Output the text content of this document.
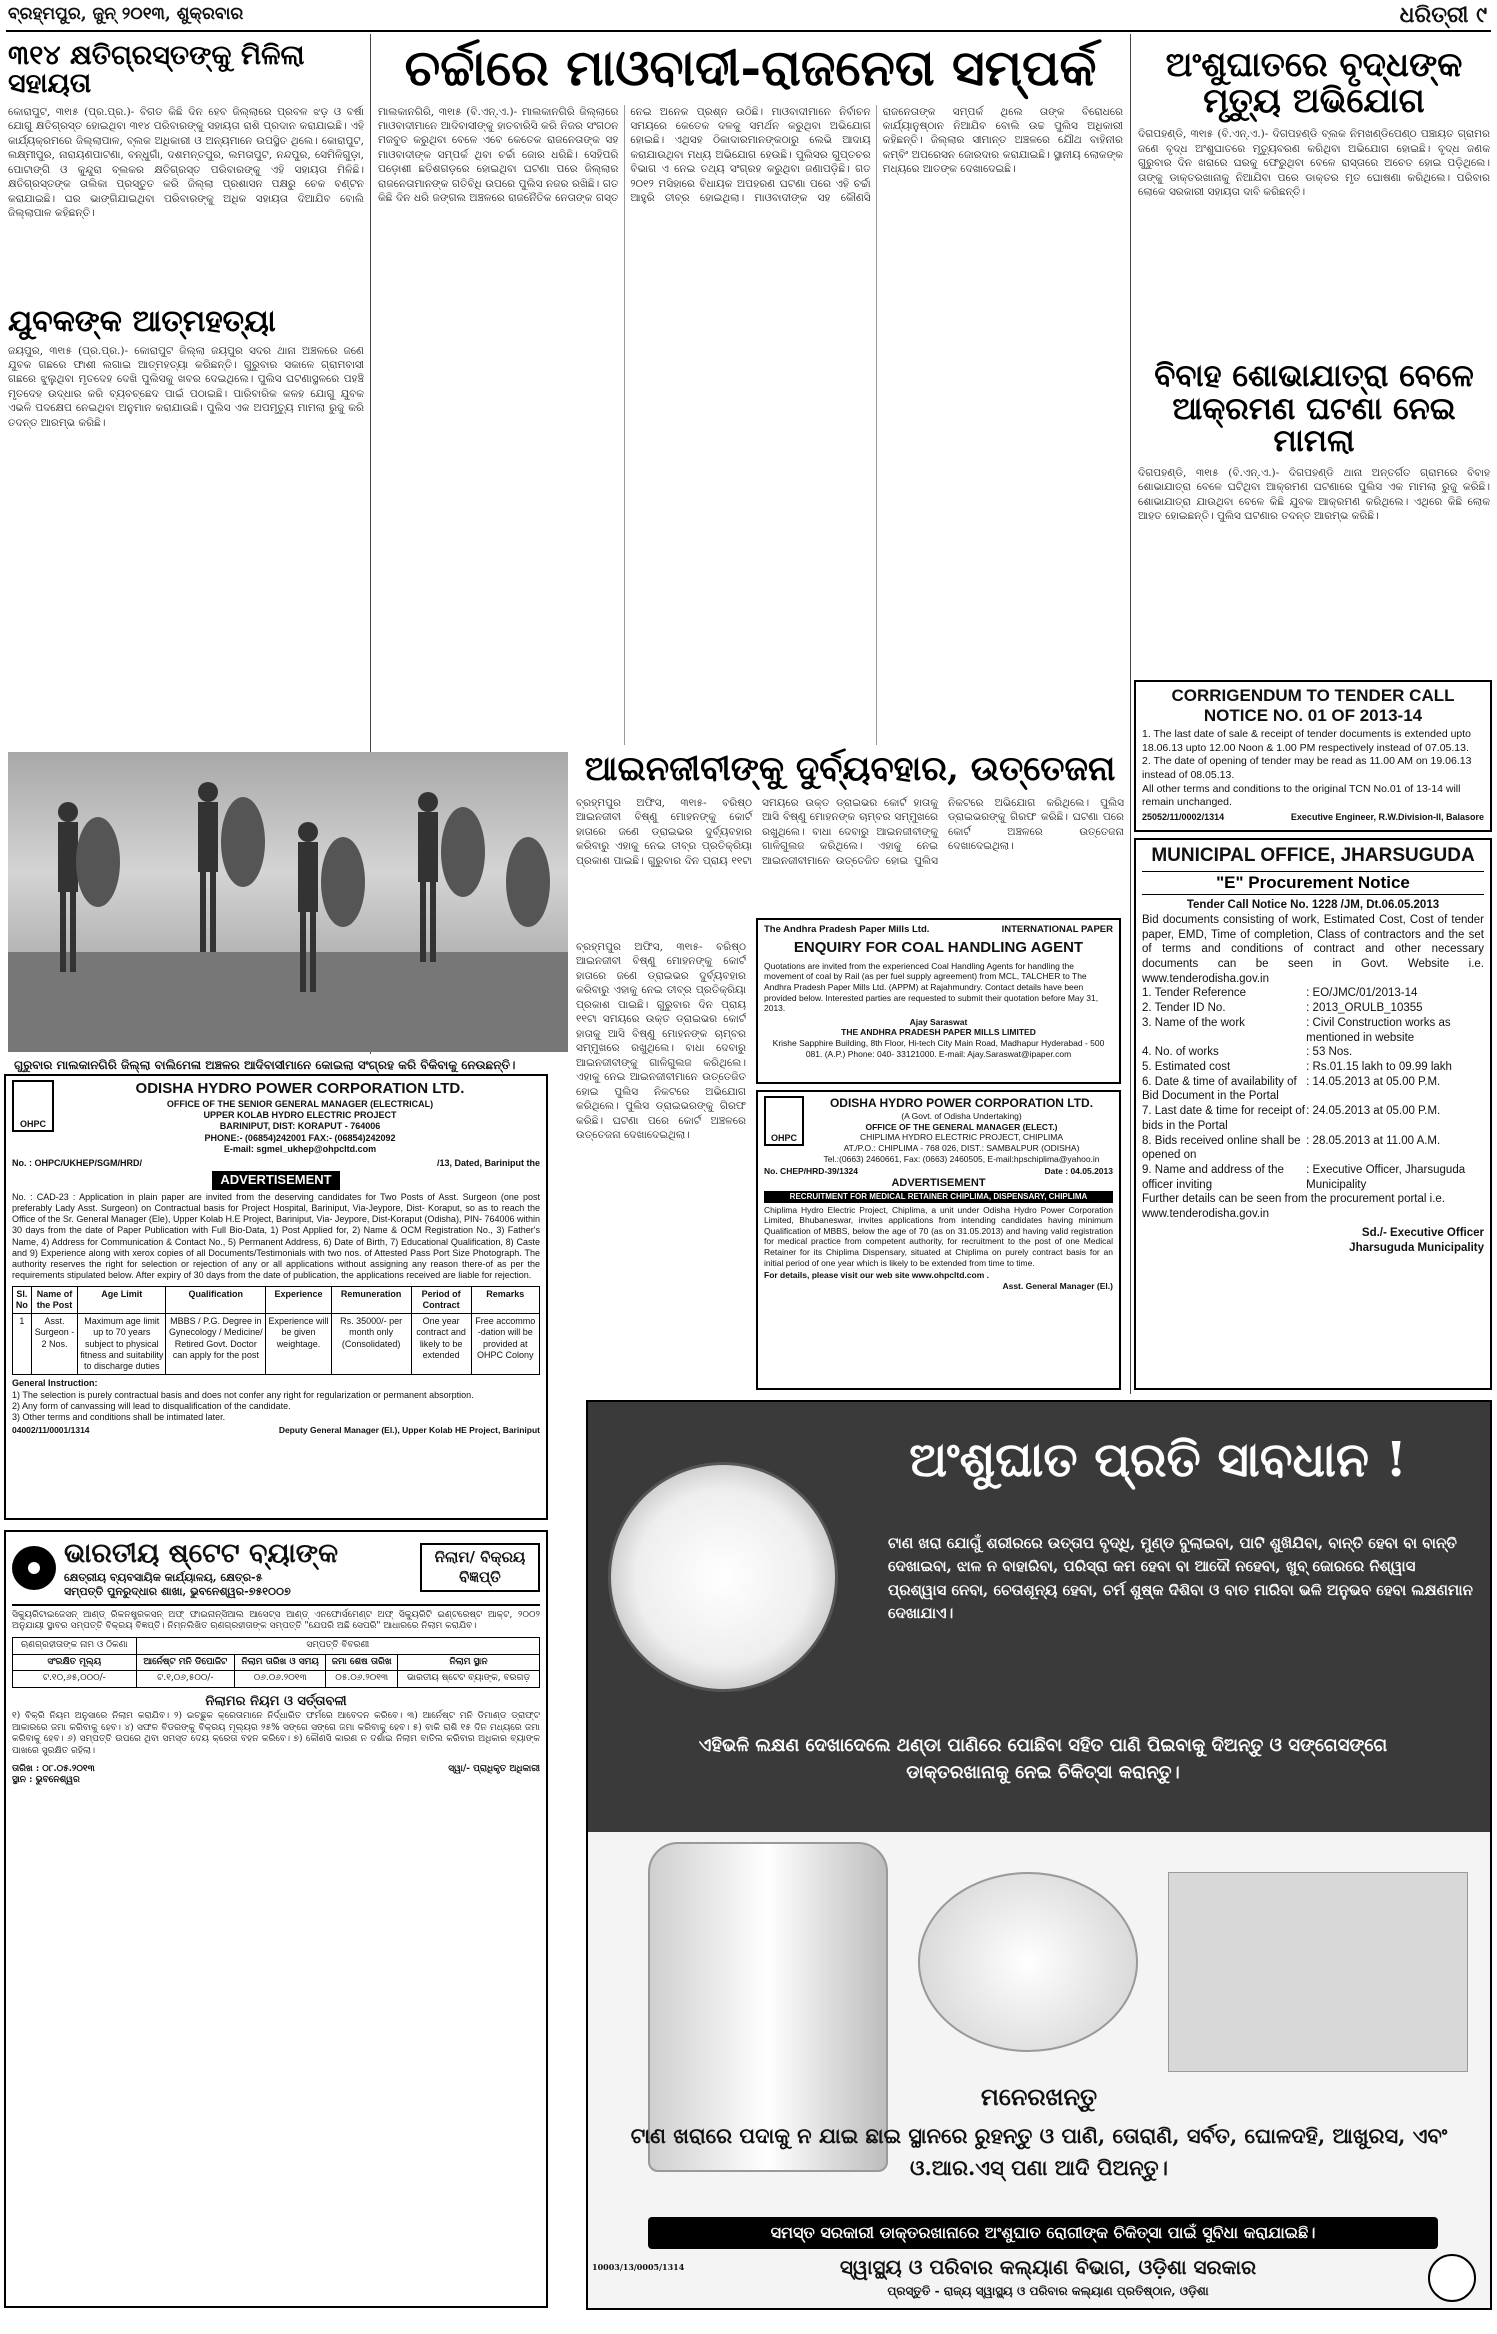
ବ୍ରହ୍ମପୁର, ଜୁନ୍ ୨୦୧୩, ଶୁକ୍ରବାର	ଧରିତ୍ରୀ ୯
୩୧୪ କ୍ଷତିଗ୍ରସ୍ତଙ୍କୁ ମିଳିଲା ସହାୟତା
କୋରାପୁଟ, ୩୧ା୫ (ପ୍ର.ପ୍ର.)- ବିଗତ କିଛି ଦିନ ହେବ ଜିଲ୍ଲାରେ ପ୍ରବଳ ଝଡ଼ ଓ ବର୍ଷା ଯୋଗୁ କ୍ଷତିଗ୍ରସ୍ତ ହୋଇଥିବା ୩୧୪ ପରିବାରଙ୍କୁ ସହାୟତା ରାଶି ପ୍ରଦାନ କରାଯାଇଛି। ଏହି କାର୍ଯ୍ୟକ୍ରମରେ ଜିଲ୍ଲାପାଳ, ବ୍ଲକ ଅଧିକାରୀ ଓ ଅନ୍ୟମାନେ ଉପସ୍ଥିତ ଥିଲେ। କୋରାପୁଟ, ଲକ୍ଷ୍ମୀପୁର, ନାରାୟଣପାଟଣା, ବନ୍ଧୁଗାଁ, ଦଶମନ୍ତପୁର, ଲମତାପୁଟ, ନନ୍ଦପୁର, ସେମିଳିଗୁଡ଼ା, ପୋଟାଙ୍ଗି ଓ କୁନ୍ଦୁରା ବ୍ଲକର କ୍ଷତିଗ୍ରସ୍ତ ପରିବାରଙ୍କୁ ଏହି ସହାୟତା ମିଳିଛି। କ୍ଷତିଗ୍ରସ୍ତଙ୍କ ତାଲିକା ପ୍ରସ୍ତୁତ କରି ଜିଲ୍ଲା ପ୍ରଶାସନ ପକ୍ଷରୁ ଚେକ ବଣ୍ଟନ କରାଯାଇଛି। ଘର ଭାଙ୍ଗିଯାଇଥିବା ପରିବାରଙ୍କୁ ଅଧିକ ସହାୟତା ଦିଆଯିବ ବୋଲି ଜିଲ୍ଲାପାଳ କହିଛନ୍ତି।
ଯୁବକଙ୍କ ଆତ୍ମହତ୍ୟା
ଜୟପୁର, ୩୧ା୫ (ପ୍ର.ପ୍ର.)- କୋରାପୁଟ ଜିଲ୍ଲା ଜୟପୁର ସଦର ଥାନା ଅଞ୍ଚଳରେ ଜଣେ ଯୁବକ ଗଛରେ ଫାଶୀ ଲଗାଇ ଆତ୍ମହତ୍ୟା କରିଛନ୍ତି। ଗୁରୁବାର ସକାଳେ ଗ୍ରାମବାସୀ ଗଛରେ ଝୁଲୁଥିବା ମୃତଦେହ ଦେଖି ପୁଲିସକୁ ଖବର ଦେଇଥିଲେ। ପୁଲିସ ଘଟଣାସ୍ଥଳରେ ପହଞ୍ଚି ମୃତଦେହ ଉଦ୍ଧାର କରି ବ୍ୟବଚ୍ଛେଦ ପାଇଁ ପଠାଇଛି। ପାରିବାରିକ କଳହ ଯୋଗୁ ଯୁବକ ଏଭଳି ପଦକ୍ଷେପ ନେଇଥିବା ଅନୁମାନ କରାଯାଉଛି। ପୁଲିସ ଏକ ଅପମୃତ୍ୟୁ ମାମଲା ରୁଜୁ କରି ତଦନ୍ତ ଆରମ୍ଭ କରିଛି।
ଚର୍ଚ୍ଚାରେ ମାଓବାଦୀ-ରାଜନେତା ସମ୍ପର୍କ
ମାଲକାନଗିରି, ୩୧ା୫ (ବି.ଏନ୍.ଏ.)- ମାଲକାନଗିରି ଜିଲ୍ଲାରେ ମାଓବାଦୀମାନେ ଆଦିବାସୀଙ୍କୁ ହାତବାରିସି କରି ନିଜର ସଂଗଠନ ମଜବୁତ କରୁଥିବା ବେଳେ ଏବେ କେତେକ ରାଜନେତାଙ୍କ ସହ ମାଓବାଦୀଙ୍କ ସମ୍ପର୍କ ଥିବା ଚର୍ଚ୍ଚା ଜୋର ଧରିଛି। ସେହିପରି ପଡ଼ୋଶୀ ଛତିଶଗଡ଼ରେ ହୋଇଥିବା ଘଟଣା ପରେ ଜିଲ୍ଲାର ରାଜନେତାମାନଙ୍କ ଗତିବିଧି ଉପରେ ପୁଲିସ ନଜର ରଖିଛି। ଗତ କିଛି ଦିନ ଧରି ଜଙ୍ଗଲ ଅଞ୍ଚଳରେ ରାଜନୈତିକ ନେତାଙ୍କ ଗସ୍ତ ନେଇ ଅନେକ ପ୍ରଶ୍ନ ଉଠିଛି। ମାଓବାଦୀମାନେ ନିର୍ବାଚନ ସମୟରେ କେତେକ ଦଳକୁ ସମର୍ଥନ କରୁଥିବା ଅଭିଯୋଗ ହୋଇଛି। ଏଥିସହ ଠିକାଦାରମାନଙ୍କଠାରୁ ଲେଭି ଆଦାୟ କରାଯାଉଥିବା ମଧ୍ୟ ଅଭିଯୋଗ ହେଉଛି। ପୁଲିସର ଗୁପ୍ତଚର ବିଭାଗ ଏ ନେଇ ତଥ୍ୟ ସଂଗ୍ରହ କରୁଥିବା ଜଣାପଡ଼ିଛି। ଗତ ୨୦୧୨ ମସିହାରେ ବିଧାୟକ ଅପହରଣ ଘଟଣା ପରେ ଏହି ଚର୍ଚ୍ଚା ଆହୁରି ତୀବ୍ର ହୋଇଥିଲା। ମାଓବାଦୀଙ୍କ ସହ କୌଣସି ରାଜନେତାଙ୍କ ସମ୍ପର୍କ ଥିଲେ ତାଙ୍କ ବିରୋଧରେ କାର୍ଯ୍ୟାନୁଷ୍ଠାନ ନିଆଯିବ ବୋଲି ଉଚ୍ଚ ପୁଲିସ ଅଧିକାରୀ କହିଛନ୍ତି। ଜିଲ୍ଲାର ସୀମାନ୍ତ ଅଞ୍ଚଳରେ ଯୌଥ ବାହିନୀର କମ୍ବିଂ ଅପରେସନ ଜୋରଦାର କରାଯାଇଛି। ସ୍ଥାନୀୟ ଲୋକଙ୍କ ମଧ୍ୟରେ ଆତଙ୍କ ଦେଖାଦେଇଛି।
ଅଂଶୁଘାତରେ ବୃଦ୍ଧଙ୍କ ମୃତ୍ୟୁ ଅଭିଯୋଗ
ଦିଗପହଣ୍ଡି, ୩୧ା୫ (ବି.ଏନ୍.ଏ.)- ଦିଗପହଣ୍ଡି ବ୍ଲକ ନିମଖଣ୍ଡିପେଣ୍ଠ ପଞ୍ଚାୟତ ଗ୍ରାମର ଜଣେ ବୃଦ୍ଧ ଅଂଶୁଘାତରେ ମୃତ୍ୟୁବରଣ କରିଥିବା ଅଭିଯୋଗ ହୋଇଛି। ବୃଦ୍ଧ ଜଣକ ଗୁରୁବାର ଦିନ ଖରାରେ ଘରକୁ ଫେରୁଥିବା ବେଳେ ରାସ୍ତାରେ ଅଚେତ ହୋଇ ପଡ଼ିଥିଲେ। ତାଙ୍କୁ ଡାକ୍ତରଖାନାକୁ ନିଆଯିବା ପରେ ଡାକ୍ତର ମୃତ ଘୋଷଣା କରିଥିଲେ। ପରିବାର ଲୋକେ ସରକାରୀ ସହାୟତା ଦାବି କରିଛନ୍ତି।
ବିବାହ ଶୋଭାଯାତ୍ରା ବେଳେ ଆକ୍ରମଣ ଘଟଣା ନେଇ ମାମଲା
ଦିଗପହଣ୍ଡି, ୩୧ା୫ (ବି.ଏନ୍.ଏ.)- ଦିଗପହଣ୍ଡି ଥାନା ଅନ୍ତର୍ଗତ ଗ୍ରାମରେ ବିବାହ ଶୋଭାଯାତ୍ରା ବେଳେ ଘଟିଥିବା ଆକ୍ରମଣ ଘଟଣାରେ ପୁଲିସ ଏକ ମାମଲା ରୁଜୁ କରିଛି। ଶୋଭାଯାତ୍ରା ଯାଉଥିବା ବେଳେ କିଛି ଯୁବକ ଆକ୍ରମଣ କରିଥିଲେ। ଏଥିରେ କିଛି ଲୋକ ଆହତ ହୋଇଛନ୍ତି। ପୁଲିସ ଘଟଣାର ତଦନ୍ତ ଆରମ୍ଭ କରିଛି।
CORRIGENDUM TO TENDER CALL NOTICE NO. 01 OF 2013-14
1. The last date of sale & receipt of tender documents is extended upto 18.06.13 upto 12.00 Noon & 1.00 PM respectively instead of 07.05.13.
2. The date of opening of tender may be read as 11.00 AM on 19.06.13 instead of 08.05.13.
All other terms and conditions to the original TCN No.01 of 13-14 will remain unchanged.
25052/11/0002/1314	Executive Engineer, R.W.Division-II, Balasore
ଗୁରୁବାର ମାଲକାନଗିରି ଜିଲ୍ଲା ବାଲିମେଳା ଅଞ୍ଚଳର ଆଦିବାସୀମାନେ କୋଇଲା ସଂଗ୍ରହ କରି ବିକିବାକୁ ନେଉଛନ୍ତି।
ଆଇନଜୀବୀଙ୍କୁ ଦୁର୍ବ୍ୟବହାର, ଉତ୍ତେଜନା
ବ୍ରହ୍ମପୁର ଅଫିସ, ୩୧ା୫- ବରିଷ୍ଠ ଆଇନଜୀବୀ ବିଷ୍ଣୁ ମୋହନଙ୍କୁ କୋର୍ଟ ହାତାରେ ଜଣେ ଡ୍ରାଇଭର ଦୁର୍ବ୍ୟବହାର କରିବାରୁ ଏହାକୁ ନେଇ ତୀବ୍ର ପ୍ରତିକ୍ରିୟା ପ୍ରକାଶ ପାଇଛି। ଗୁରୁବାର ଦିନ ପ୍ରାୟ ୧୧ଟା ସମୟରେ ଉକ୍ତ ଡ୍ରାଇଭର କୋର୍ଟ ହାତାକୁ ଆସି ବିଷ୍ଣୁ ମୋହନଙ୍କ ଚାମ୍ବର ସମ୍ମୁଖରେ ରଖୁଥିଲେ। ବାଧା ଦେବାରୁ ଆଇନଜୀବୀଙ୍କୁ ଗାଳିଗୁଲଜ କରିଥିଲେ। ଏହାକୁ ନେଇ ଆଇନଜୀବୀମାନେ ଉତ୍ତେଜିତ ହୋଇ ପୁଲିସ ନିକଟରେ ଅଭିଯୋଗ କରିଥିଲେ। ପୁଲିସ ଡ୍ରାଇଭରଙ୍କୁ ଗିରଫ କରିଛି। ଘଟଣା ପରେ କୋର୍ଟ ଅଞ୍ଚଳରେ ଉତ୍ତେଜନା ଦେଖାଦେଇଥିଲା।
ବ୍ରହ୍ମପୁର ଅଫିସ, ୩୧ା୫- ବରିଷ୍ଠ ଆଇନଜୀବୀ ବିଷ୍ଣୁ ମୋହନଙ୍କୁ କୋର୍ଟ ହାତାରେ ଜଣେ ଡ୍ରାଇଭର ଦୁର୍ବ୍ୟବହାର କରିବାରୁ ଏହାକୁ ନେଇ ତୀବ୍ର ପ୍ରତିକ୍ରିୟା ପ୍ରକାଶ ପାଇଛି। ଗୁରୁବାର ଦିନ ପ୍ରାୟ ୧୧ଟା ସମୟରେ ଉକ୍ତ ଡ୍ରାଇଭର କୋର୍ଟ ହାତାକୁ ଆସି ବିଷ୍ଣୁ ମୋହନଙ୍କ ଚାମ୍ବର ସମ୍ମୁଖରେ ରଖୁଥିଲେ। ବାଧା ଦେବାରୁ ଆଇନଜୀବୀଙ୍କୁ ଗାଳିଗୁଲଜ କରିଥିଲେ। ଏହାକୁ ନେଇ ଆଇନଜୀବୀମାନେ ଉତ୍ତେଜିତ ହୋଇ ପୁଲିସ ନିକଟରେ ଅଭିଯୋଗ କରିଥିଲେ। ପୁଲିସ ଡ୍ରାଇଭରଙ୍କୁ ଗିରଫ କରିଛି। ଘଟଣା ପରେ କୋର୍ଟ ଅଞ୍ଚଳରେ ଉତ୍ତେଜନା ଦେଖାଦେଇଥିଲା।
The Andhra Pradesh Paper Mills Ltd.	INTERNATIONAL PAPER
ENQUIRY FOR COAL HANDLING AGENT
Quotations are invited from the experienced Coal Handling Agents for handling the movement of coal by Rail (as per fuel supply agreement) from MCL, TALCHER to The Andhra Pradesh Paper Mills Ltd. (APPM) at Rajahmundry. Contact details have been provided below. Interested parties are requested to submit their quotation before May 31, 2013.
Ajay Saraswat
THE ANDHRA PRADESH PAPER MILLS LIMITED
Krishe Sapphire Building, 8th Floor, Hi-tech City Main Road, Madhapur Hyderabad - 500 081. (A.P.) Phone: 040- 33121000. E-mail: Ajay.Saraswat@ipaper.com
OHPC
ODISHA HYDRO POWER CORPORATION LTD.
(A Govt. of Odisha Undertaking)
OFFICE OF THE GENERAL MANAGER (ELECT.)
CHIPLIMA HYDRO ELECTRIC PROJECT, CHIPLIMA
AT./P.O.: CHIPLIMA - 768 026, DIST.: SAMBALPUR (ODISHA)
Tel.:(0663) 2460661, Fax: (0663) 2460505, E-mail:hpschiplima@yahoo.in
No. CHEP/HRD-39/1324	Date : 04.05.2013
ADVERTISEMENT
RECRUITMENT FOR MEDICAL RETAINER CHIPLIMA, DISPENSARY, CHIPLIMA
Chiplima Hydro Electric Project, Chiplima, a unit under Odisha Hydro Power Corporation Limited, Bhubaneswar, invites applications from intending candidates having minimum Qualification of MBBS, below the age of 70 (as on 31.05.2013) and having valid registration for medical practice from competent authority, for recruitment to the post of one Medical Retainer for its Chiplima Dispensary, situated at Chiplima on purely contract basis for an initial period of one year which is likely to be extended from time to time.
For details, please visit our web site www.ohpcltd.com .
Asst. General Manager (El.)
MUNICIPAL OFFICE, JHARSUGUDA
"E" Procurement Notice
Tender Call Notice No. 1228 /JM, Dt.06.05.2013
Bid documents consisting of work, Estimated Cost, Cost of tender paper, EMD, Time of completion, Class of contractors and the set of terms and conditions of contract and other necessary documents can be seen in Govt. Website i.e. www.tenderodisha.gov.in
1. Tender Reference	: EO/JMC/01/2013-14
2. Tender ID No.	: 2013_ORULB_10355
3. Name of the work	: Civil Construction works as mentioned in website
4. No. of works	: 53 Nos.
5. Estimated cost	: Rs.01.15 lakh to 09.99 lakh
6. Date & time of availability of Bid Document in the Portal
: 14.05.2013 at 05.00 P.M.
7. Last date & time for receipt of bids in the Portal
: 24.05.2013 at 05.00 P.M.
8. Bids received online shall be opened on
: 28.05.2013 at 11.00 A.M.
9. Name and address of the officer inviting
: Executive Officer, Jharsuguda Municipality
Further details can be seen from the procurement portal i.e. www.tenderodisha.gov.in
Sd./- Executive Officer
Jharsuguda Municipality
OHPC
ODISHA HYDRO POWER CORPORATION LTD.
OFFICE OF THE SENIOR GENERAL MANAGER (ELECTRICAL)
UPPER KOLAB HYDRO ELECTRIC PROJECT
BARINIPUT, DIST: KORAPUT - 764006
PHONE:- (06854)242001 FAX:- (06854)242092
E-mail: sgmel_ukhep@ohpcltd.com
No. : OHPC/UKHEP/SGM/HRD/	/13, Dated, Bariniput the
ADVERTISEMENT
No. : CAD-23 : Application in plain paper are invited from the deserving candidates for Two Posts of Asst. Surgeon (one post preferably Lady Asst. Surgeon) on Contractual basis for Project Hospital, Bariniput, Via-Jeypore, Dist- Koraput, so as to reach the Office of the Sr. General Manager (Ele), Upper Kolab H.E Project, Bariniput, Via- Jeypore, Dist-Koraput (Odisha), PIN- 764006 within 30 days from the date of Paper Publication with Full Bio-Data, 1) Post Applied for, 2) Name & OCM Registration No., 3) Father's Name, 4) Address for Communication & Contact No., 5) Permanent Address, 6) Date of Birth, 7) Educational Qualification, 8) Caste and 9) Experience along with xerox copies of all Documents/Testimonials with two nos. of Attested Pass Port Size Photograph. The authority reserves the right for selection or rejection of any or all applications without assigning any reason there-of as per the requirements stipulated below. After expiry of 30 days from the date of publication, the applications received are liable for rejection.
Sl. No	Name of the Post	Age Limit	Qualification	Experience	Remuneration	Period of Contract	Remarks
1	Asst. Surgeon - 2 Nos.	Maximum age limit up to 70 years subject to physical fitness and suitability to discharge duties	MBBS / P.G. Degree in Gynecology / Medicine/ Retired Govt. Doctor can apply for the post	Experience will be given weightage.	Rs. 35000/- per month only (Consolidated)	One year contract and likely to be extended	Free accommo -dation will be provided at OHPC Colony
General Instruction:
1) The selection is purely contractual basis and does not confer any right for regularization or permanent absorption.
2) Any form of canvassing will lead to disqualification of the candidate.
3) Other terms and conditions shall be intimated later.
04002/11/0001/1314	Deputy General Manager (El.), Upper Kolab HE Project, Bariniput
ଭାରତୀୟ ଷ୍ଟେଟ ବ୍ୟାଙ୍କ
କ୍ଷେତ୍ରୀୟ ବ୍ୟବସାୟିକ କାର୍ଯ୍ୟାଳୟ, କ୍ଷେତ୍ର-୫
ସମ୍ପତ୍ତି ପୁନରୁଦ୍ଧାର ଶାଖା, ଭୁବନେଶ୍ୱର-୭୫୧୦୦୭
ନିଲାମ/ ବିକ୍ରୟ ବିଜ୍ଞପ୍ତି
ସିକ୍ୟୁରିଟାଇଜେସନ୍ ଆଣ୍ଡ୍ ରିକନଷ୍ଟ୍ରକସନ୍ ଅଫ୍ ଫାଇନାନ୍ସିଆଲ ଆସେଟ୍ସ ଆଣ୍ଡ୍ ଏନଫୋର୍ସମେଣ୍ଟ ଅଫ୍ ସିକ୍ୟୁରିଟି ଇଣ୍ଟରେଷ୍ଟ ଆକ୍ଟ, ୨୦୦୨ ଅନୁଯାୟୀ ସ୍ଥାବର ସମ୍ପତ୍ତି ବିକ୍ରୟ ବିଜ୍ଞପ୍ତି। ନିମ୍ନଲିଖିତ ଋଣଗ୍ରହୀତାଙ୍କ ସମ୍ପତ୍ତି "ଯେପରି ଅଛି ସେପରି" ଆଧାରରେ ନିଲାମ କରାଯିବ।
ଋଣଗ୍ରହୀତାଙ୍କ ନାମ ଓ ଠିକଣା	ସମ୍ପତ୍ତି ବିବରଣୀ			
ସଂରକ୍ଷିତ ମୂଲ୍ୟ	ଆର୍ନେଷ୍ଟ ମନି ଡିପୋଜିଟ	ନିଲାମ ତାରିଖ ଓ ସମୟ	ଜମା ଶେଷ ତାରିଖ	ନିଲାମ ସ୍ଥାନ
ଟ.୧୦,୬୫,୦୦୦/-	ଟ.୧,୦୬,୫୦୦/-	୦୬.୦୬.୨୦୧୩	୦୫.୦୬.୨୦୧୩	ଭାରତୀୟ ଷ୍ଟେଟ ବ୍ୟାଙ୍କ, ବରଗଡ଼
ନିଲାମର ନିୟମ ଓ ସର୍ତ୍ତାବଳୀ
୧) ବିକ୍ରି ନିୟମ ଅନୁସାରେ ନିଲାମ କରାଯିବ। ୨) ଇଚ୍ଛୁକ କ୍ରେତାମାନେ ନିର୍ଦ୍ଧାରିତ ଫର୍ମରେ ଆବେଦନ କରିବେ। ୩) ଆର୍ନେଷ୍ଟ ମନି ଡିମାଣ୍ଡ ଡ୍ରାଫ୍ଟ ଆକାରରେ ଜମା କରିବାକୁ ହେବ। ୪) ସଫଳ ବିଡରଙ୍କୁ ବିକ୍ରୟ ମୂଲ୍ୟର ୨୫% ସଙ୍ଗେ ସଙ୍ଗେ ଜମା କରିବାକୁ ହେବ। ୫) ବାକି ରାଶି ୧୫ ଦିନ ମଧ୍ୟରେ ଜମା କରିବାକୁ ହେବ। ୬) ସମ୍ପତ୍ତି ଉପରେ ଥିବା ସମସ୍ତ ଦେୟ କ୍ରେତା ବହନ କରିବେ। ୭) କୌଣସି କାରଣ ନ ଦର୍ଶାଇ ନିଲାମ ବାତିଲ କରିବାର ଅଧିକାର ବ୍ୟାଙ୍କ ପାଖରେ ସୁରକ୍ଷିତ ରହିଲା।
ତାରିଖ : ୦୮.୦୫.୨୦୧୩
ସ୍ଥାନ : ଭୁବନେଶ୍ୱର
ସ୍ୱା/- ପ୍ରାଧିକୃତ ଅଧିକାରୀ
ଅଂଶୁଘାତ ପ୍ରତି ସାବଧାନ !
ଟାଣ ଖରା ଯୋଗୁଁ ଶରୀରରେ ଉତ୍ତାପ ବୃଦ୍ଧି, ମୁଣ୍ଡ ବୁଲାଇବା, ପାଟି ଶୁଖିଯିବା, ବାନ୍ତି ହେବା ବା ବାନ୍ତି ଦେଖାଇବା, ଝାଳ ନ ବାହାରିବା, ପରିସ୍ରା କମ ହେବା ବା ଆଦୌ ନହେବା, ଖୁବ୍ ଜୋରରେ ନିଶ୍ୱାସ ପ୍ରଶ୍ୱାସ ନେବା, ଚେତାଶୂନ୍ୟ ହେବା, ଚର୍ମ ଶୁଷ୍କ ଦିଶିବା ଓ ବାତ ମାରିବା ଭଳି ଅନୁଭବ ହେବା ଲକ୍ଷଣମାନ ଦେଖାଯାଏ।
ଏହିଭଳି ଲକ୍ଷଣ ଦେଖାଦେଲେ ଥଣ୍ଡା ପାଣିରେ ପୋଛିବା ସହିତ ପାଣି ପିଇବାକୁ ଦିଅନ୍ତୁ ଓ ସଙ୍ଗେସଙ୍ଗେ ଡାକ୍ତରଖାନାକୁ ନେଇ ଚିକିତ୍ସା କରାନ୍ତୁ।
ମନେରଖନ୍ତୁ
ଟାଣ ଖରାରେ ପଦାକୁ ନ ଯାଇ ଛାଇ ସ୍ଥାନରେ ରୁହନ୍ତୁ ଓ ପାଣି, ତୋରାଣି, ସର୍ବତ, ଘୋଳଦହି, ଆଖୁରସ, ଏବଂ ଓ.ଆର.ଏସ୍ ପଣା ଆଦି ପିଅନ୍ତୁ।
ସମସ୍ତ ସରକାରୀ ଡାକ୍ତରଖାନାରେ ଅଂଶୁଘାତ ରୋଗୀଙ୍କ ଚିକିତ୍ସା ପାଇଁ ସୁବିଧା କରାଯାଇଛି।
ସ୍ୱାସ୍ଥ୍ୟ ଓ ପରିବାର କଲ୍ୟାଣ ବିଭାଗ, ଓଡ଼ିଶା ସରକାର
ପ୍ରସ୍ତୁତି - ରାଜ୍ୟ ସ୍ୱାସ୍ଥ୍ୟ ଓ ପରିବାର କଲ୍ୟାଣ ପ୍ରତିଷ୍ଠାନ, ଓଡ଼ିଶା
10003/13/0005/1314
